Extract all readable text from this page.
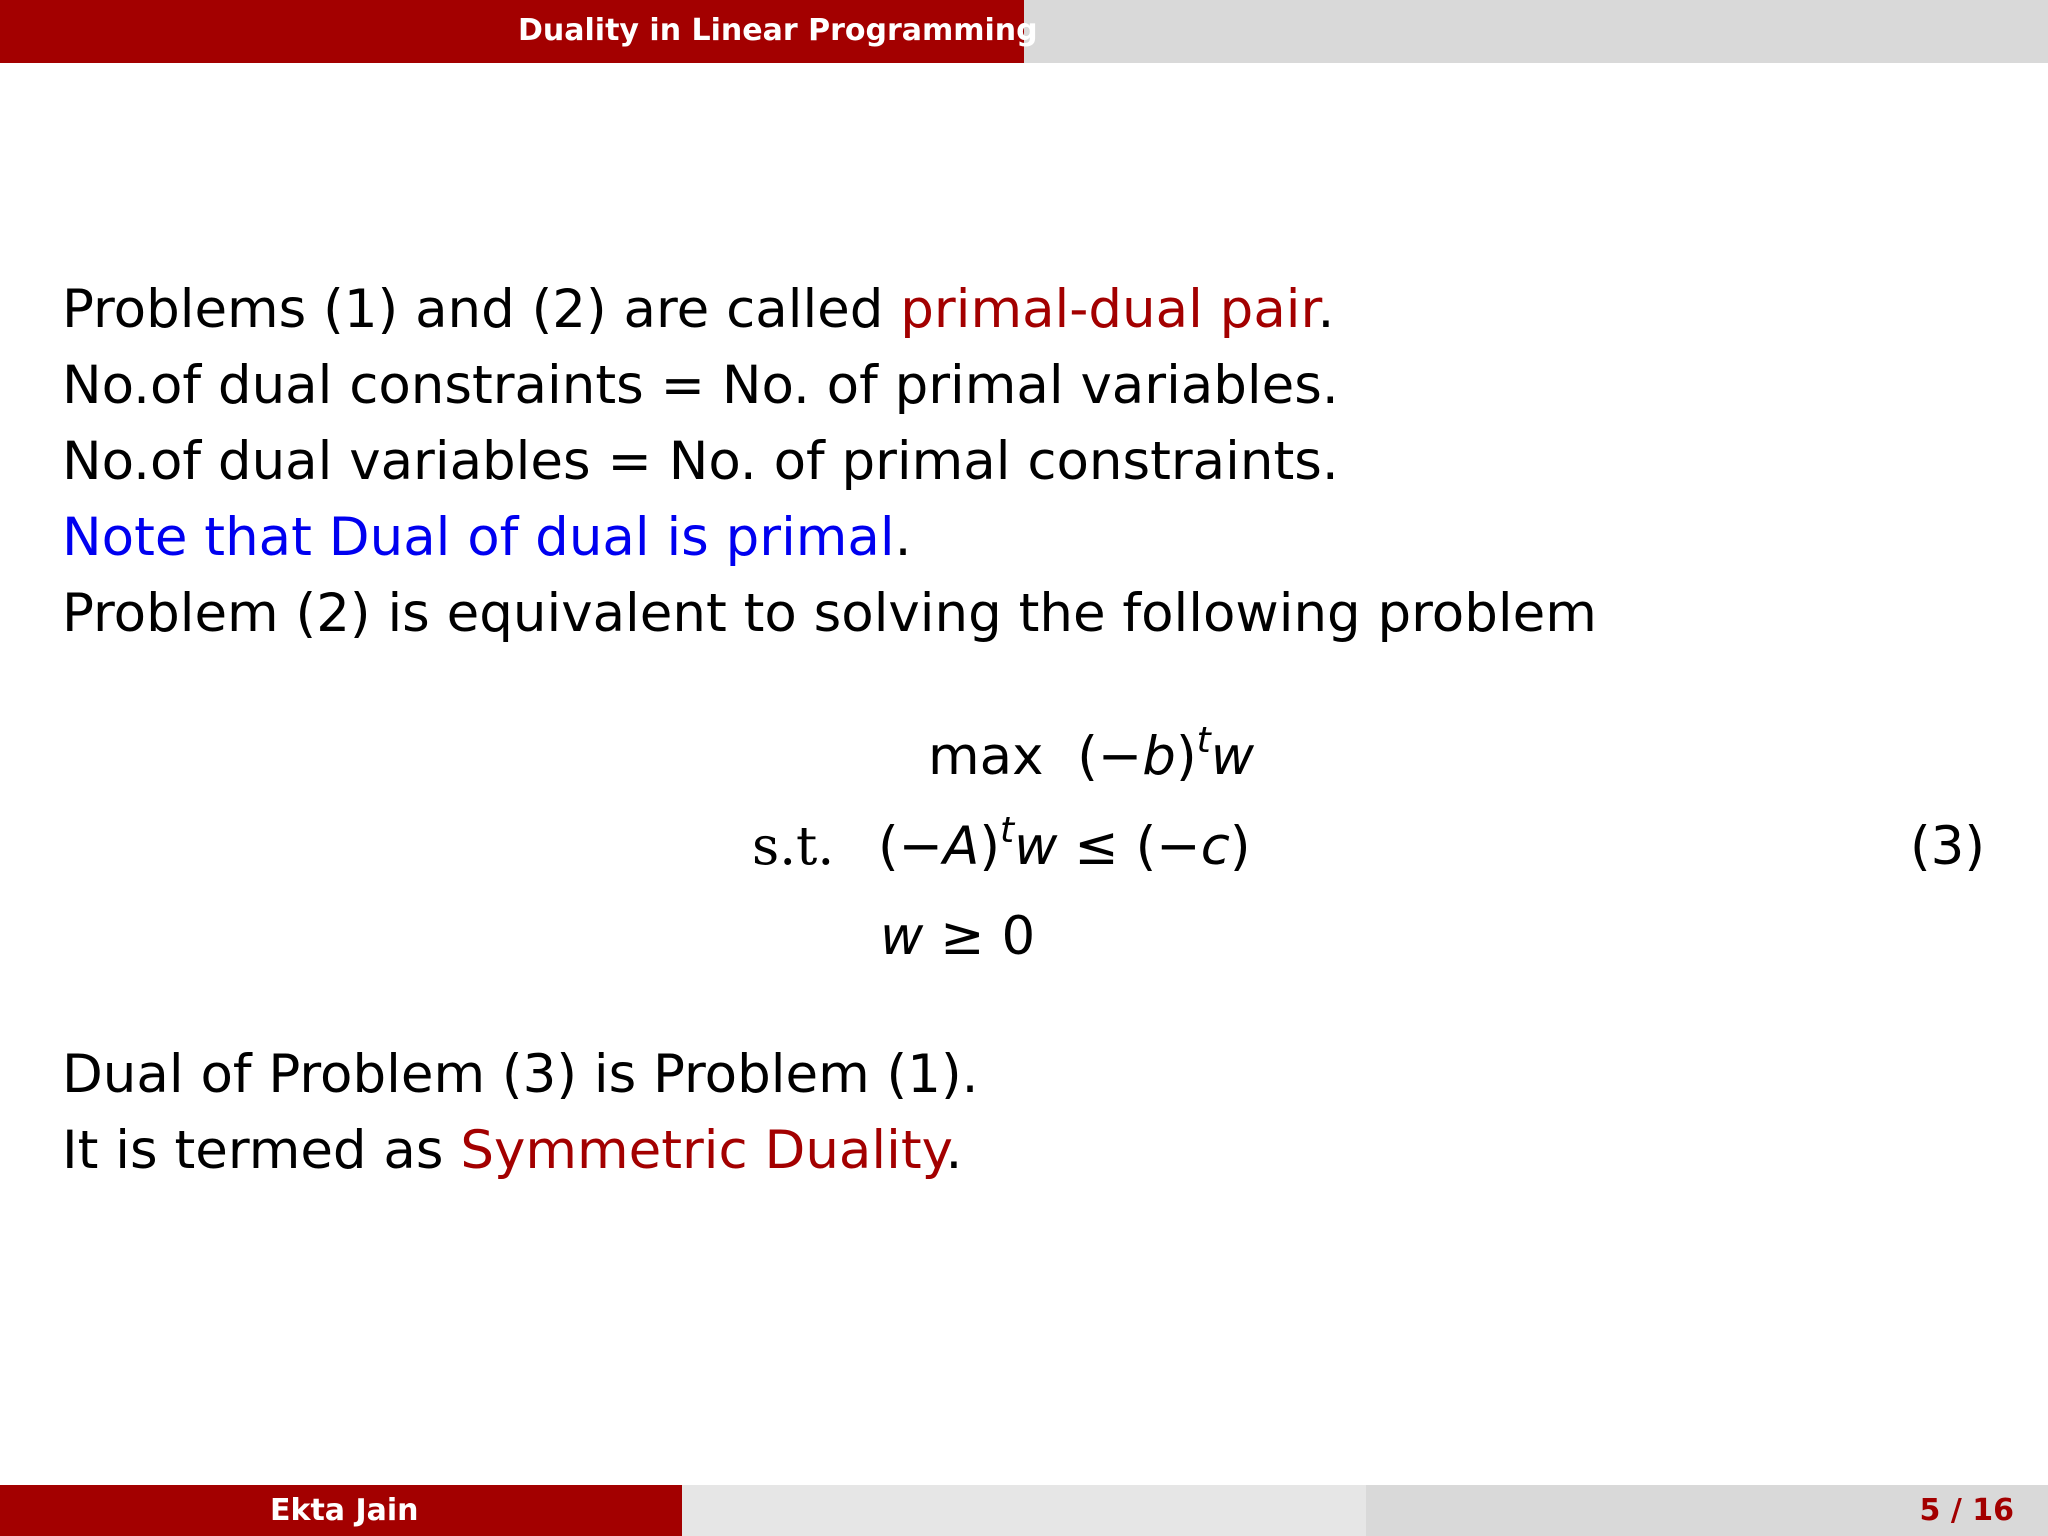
Duality in Linear Programming
Problems (1) and (2) are called primal-dual pair.
No.of dual constraints = No. of primal variables.
No.of dual variables = No. of primal constraints.
Note that Dual of dual is primal.
Problem (2) is equivalent to solving the following problem
$\max (-b)^tw$
s.t. $(-A)^tw \le (-c)$
w ≥ 0
(3)
Dual of Problem (3) is Problem (1).
It is termed as Symmetric Duality.
Ekta Jain	5 / 16
